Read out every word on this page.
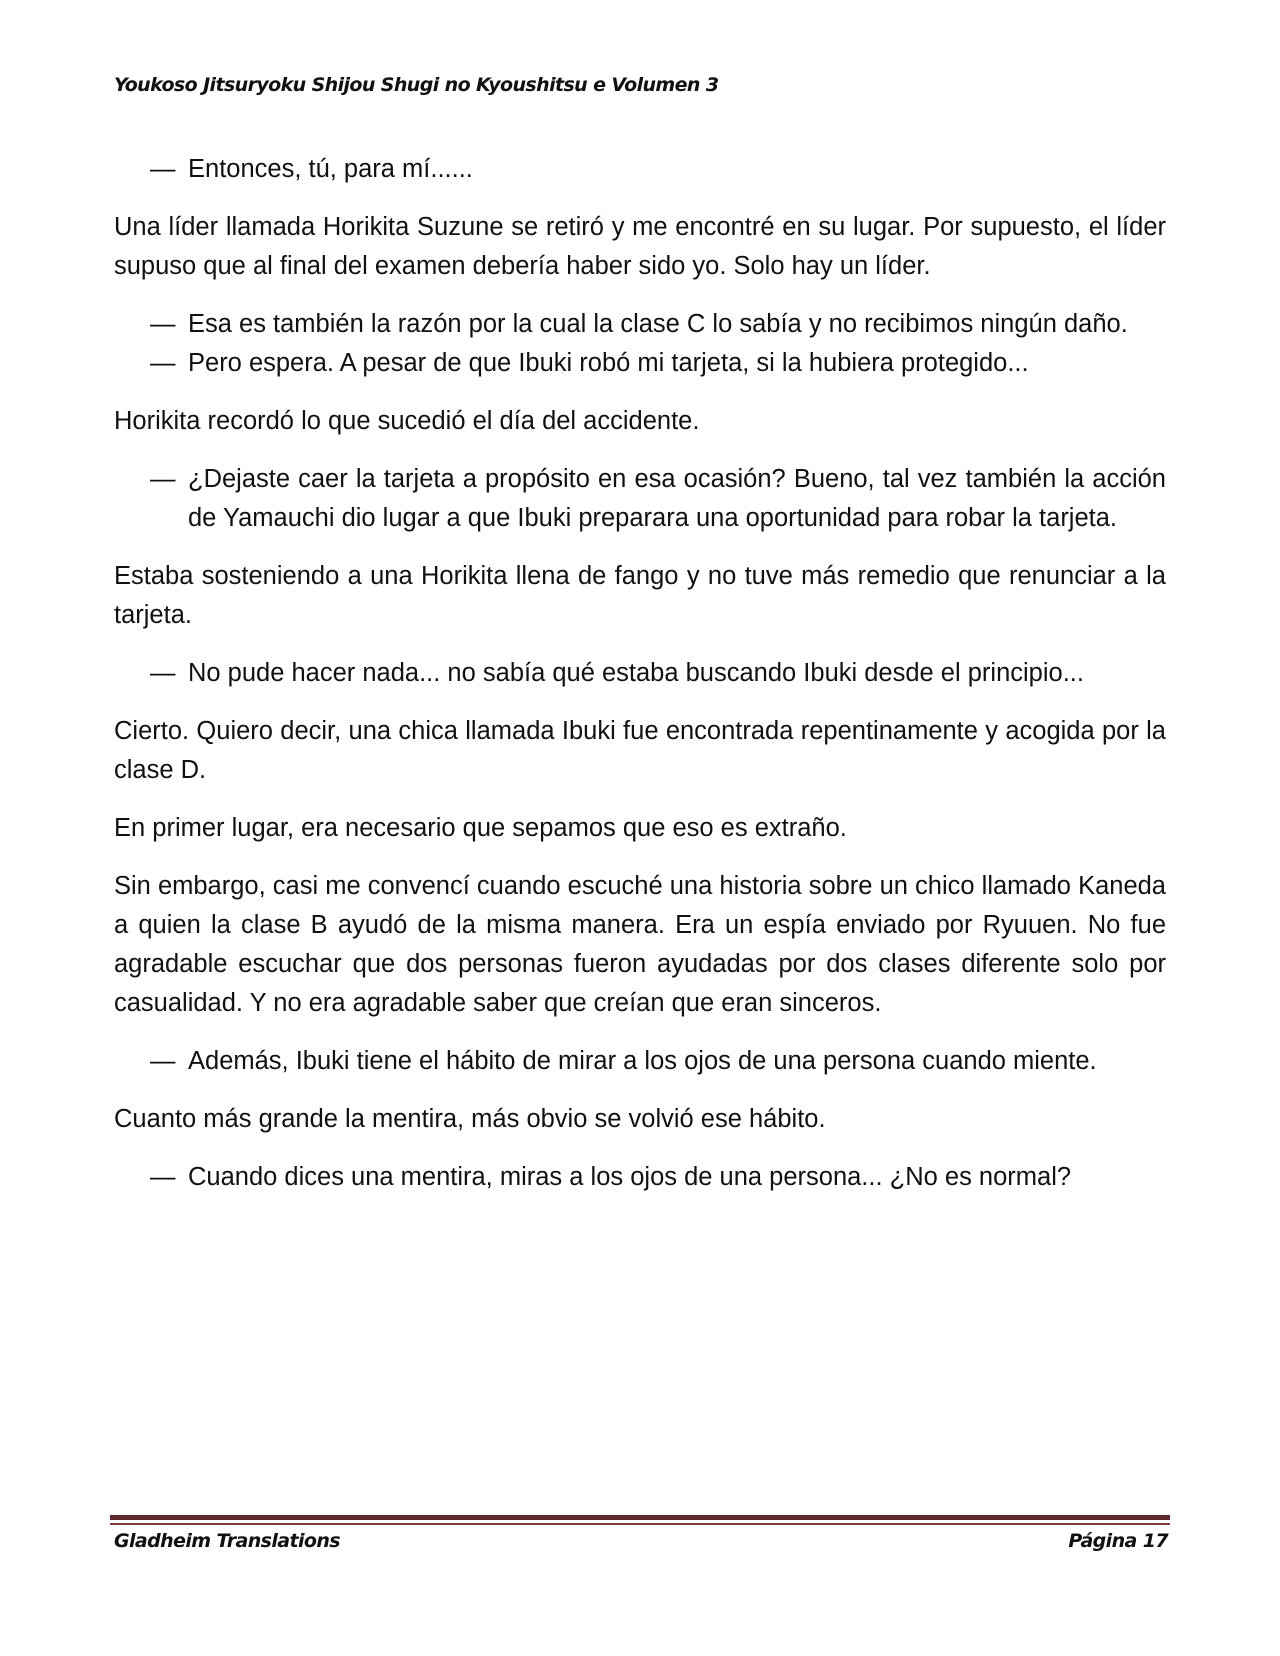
Youkoso Jitsuryoku Shijou Shugi no Kyoushitsu e Volumen 3

— Entonces, tú, para mí......

Una líder llamada Horikita Suzune se retiró y me encontré en su lugar. Por supuesto, el líder supuso que al final del examen debería haber sido yo. Solo hay un líder.

— Esa es también la razón por la cual la clase C lo sabía y no recibimos ningún daño.

— Pero espera. A pesar de que Ibuki robó mi tarjeta, si la hubiera protegido...

Horikita recordó lo que sucedió el día del accidente.

— ¿Dejaste caer la tarjeta a propósito en esa ocasión? Bueno, tal vez también la acción de Yamauchi dio lugar a que Ibuki preparara una oportunidad para robar la tarjeta.

Estaba sosteniendo a una Horikita llena de fango y no tuve más remedio que renunciar a la tarjeta.

— No pude hacer nada... no sabía qué estaba buscando Ibuki desde el principio...

Cierto. Quiero decir, una chica llamada Ibuki fue encontrada repentinamente y acogida por la clase D.

En primer lugar, era necesario que sepamos que eso es extraño.

Sin embargo, casi me convencí cuando escuché una historia sobre un chico llamado Kaneda a quien la clase B ayudó de la misma manera. Era un espía enviado por Ryuuen. No fue agradable escuchar que dos personas fueron ayudadas por dos clases diferente solo por casualidad. Y no era agradable saber que creían que eran sinceros.

— Además, Ibuki tiene el hábito de mirar a los ojos de una persona cuando miente.

Cuanto más grande la mentira, más obvio se volvió ese hábito.

— Cuando dices una mentira, miras a los ojos de una persona... ¿No es normal?

Gladheim Translations	Página 17
